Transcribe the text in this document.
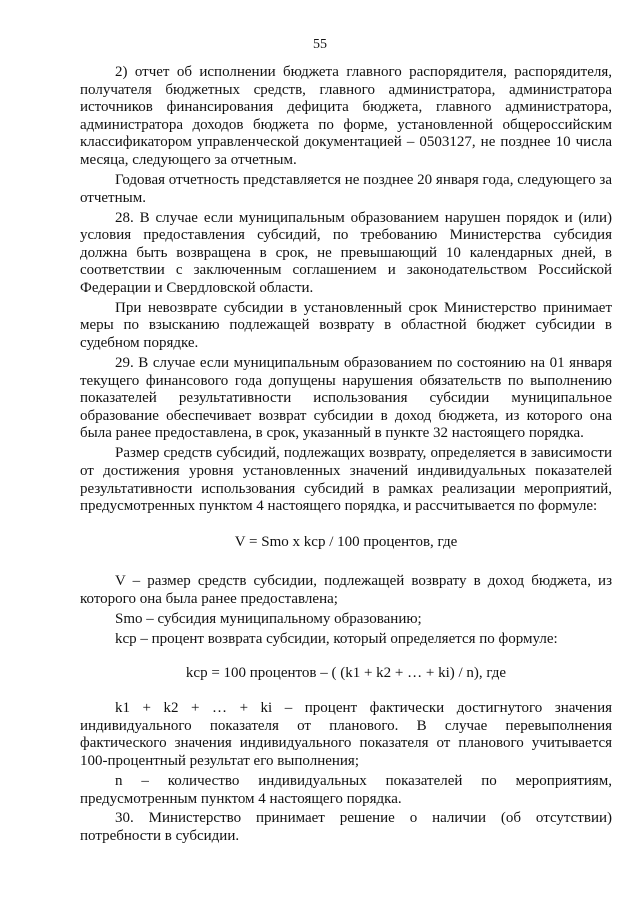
55

2) отчет об исполнении бюджета главного распорядителя, распорядителя, получателя бюджетных средств, главного администратора, администратора источников финансирования дефицита бюджета, главного администратора, администратора доходов бюджета по форме, установленной общероссийским классификатором управленческой документацией – 0503127, не позднее 10 числа месяца, следующего за отчетным.

Годовая отчетность представляется не позднее 20 января года, следующего за отчетным.

28. В случае если муниципальным образованием нарушен порядок и (или) условия предоставления субсидий, по требованию Министерства субсидия должна быть возвращена в срок, не превышающий 10 календарных дней, в соответствии с заключенным соглашением и законодательством Российской Федерации и Свердловской области.

При невозврате субсидии в установленный срок Министерство принимает меры по взысканию подлежащей возврату в областной бюджет субсидии в судебном порядке.

29. В случае если муниципальным образованием по состоянию на 01 января текущего финансового года допущены нарушения обязательств по выполнению показателей результативности использования субсидии муниципальное образование обеспечивает возврат субсидии в доход бюджета, из которого она была ранее предоставлена, в срок, указанный в пункте 32 настоящего порядка.

Размер средств субсидий, подлежащих возврату, определяется в зависимости от достижения уровня установленных значений индивидуальных показателей результативности использования субсидий в рамках реализации мероприятий, предусмотренных пунктом 4 настоящего порядка, и рассчитывается по формуле:

V = Smo x kcp / 100 процентов, где

V – размер средств субсидии, подлежащей возврату в доход бюджета, из которого она была ранее предоставлена;

Smo – субсидия муниципальному образованию;

kcp – процент возврата субсидии, который определяется по формуле:

kcp = 100 процентов – ( (k1 + k2 + … + ki) / n), где

k1 + k2 + … + ki – процент фактически достигнутого значения индивидуального показателя от планового. В случае перевыполнения фактического значения индивидуального показателя от планового учитывается 100-процентный результат его выполнения;

n – количество индивидуальных показателей по мероприятиям, предусмотренным пунктом 4 настоящего порядка.

30. Министерство принимает решение о наличии (об отсутствии) потребности в субсидии.
